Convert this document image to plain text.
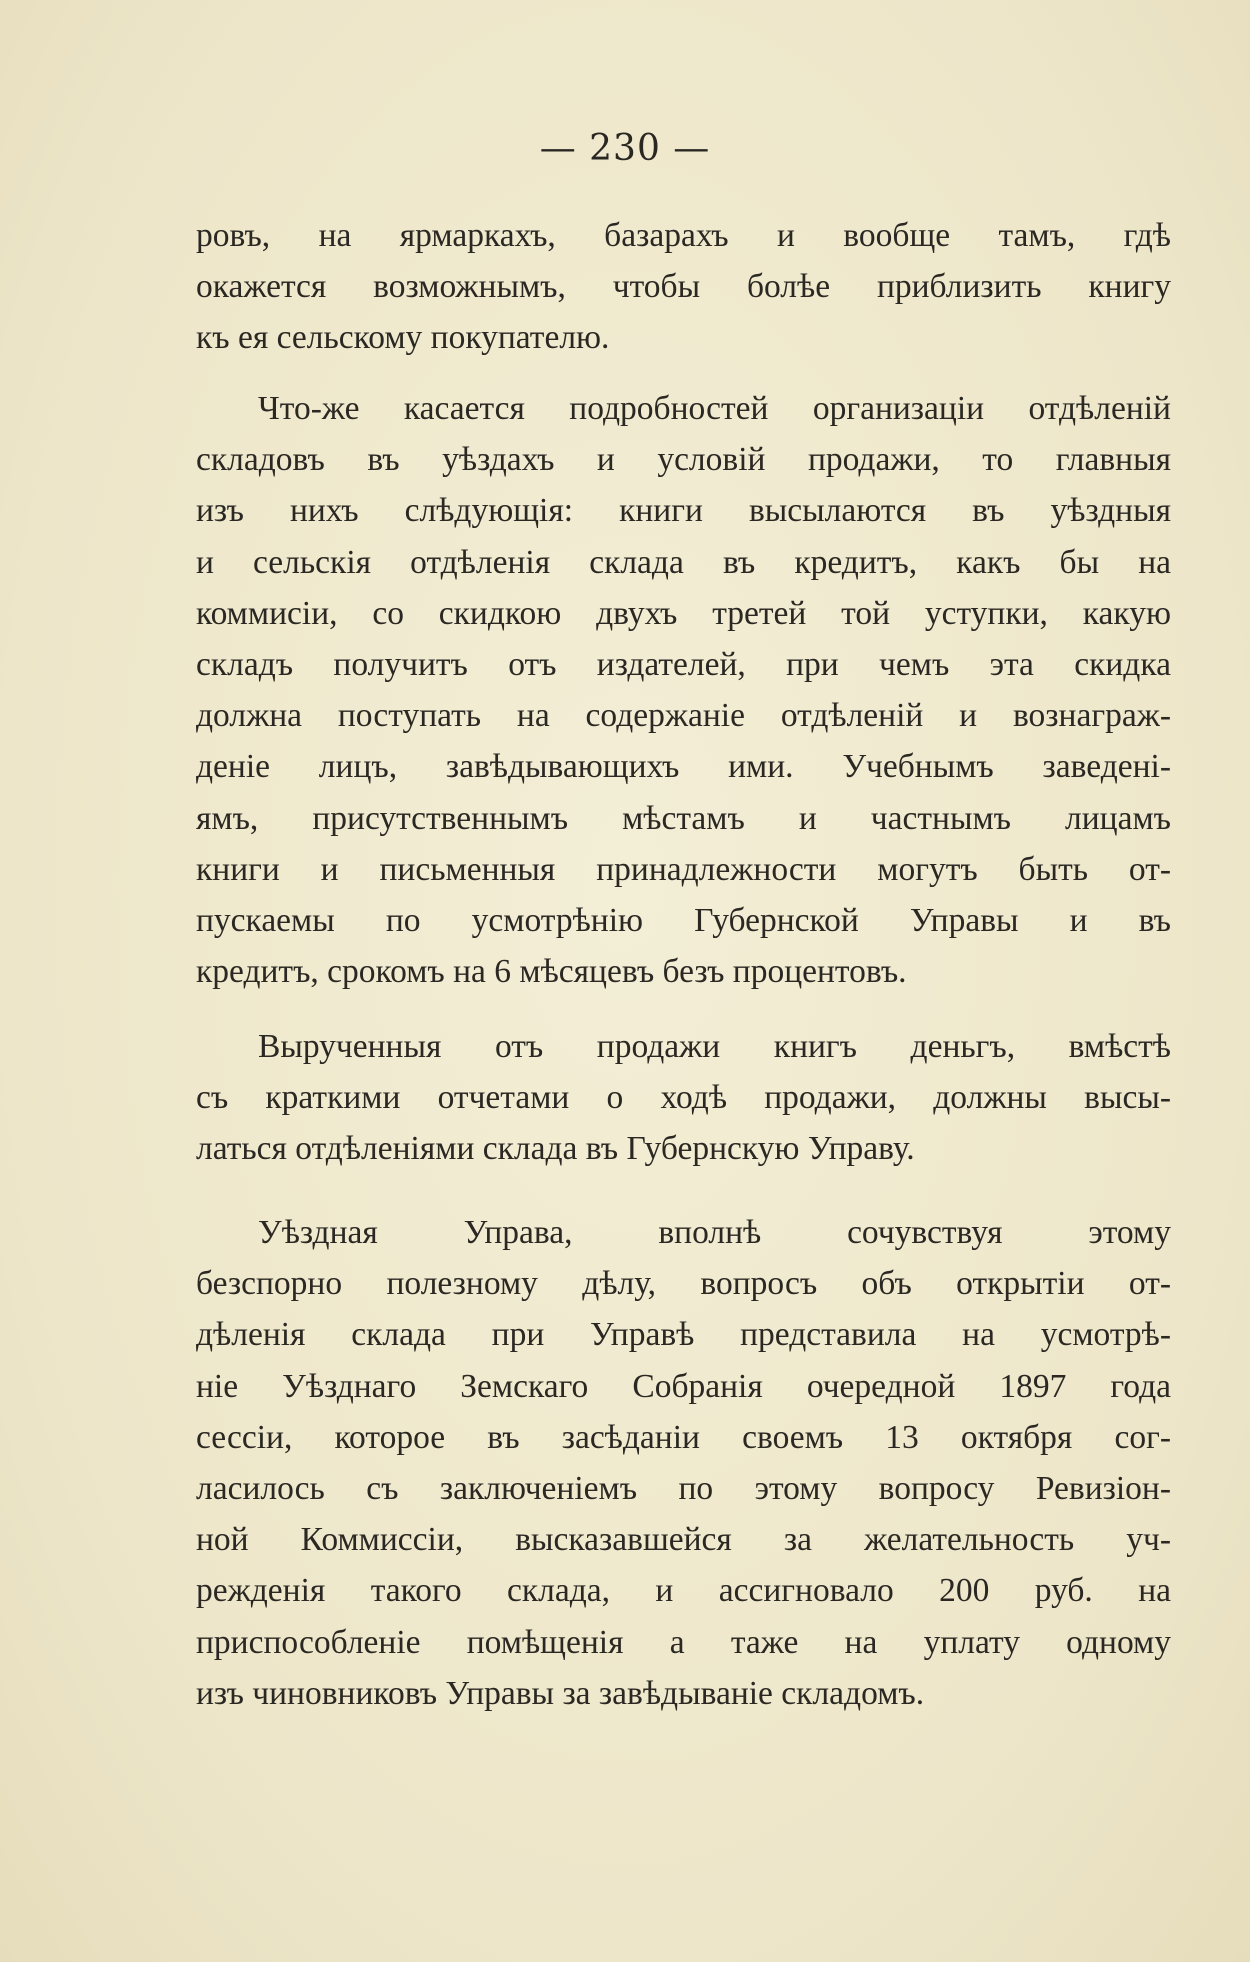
— 230 —
ровъ, на ярмаркахъ, базарахъ и вообще тамъ, гдѣ
окажется возможнымъ, чтобы болѣе приблизить книгу
къ ея сельскому покупателю.
Что-же касается подробностей организаціи отдѣленій
складовъ въ уѣздахъ и условій продажи, то главныя
изъ нихъ слѣдующія: книги высылаются въ уѣздныя
и сельскія отдѣленія склада въ кредитъ, какъ бы на
коммисіи, со скидкою двухъ третей той уступки, какую
складъ получитъ отъ издателей, при чемъ эта скидка
должна поступать на содержаніе отдѣленій и вознаграж-
деніе лицъ, завѣдывающихъ ими. Учебнымъ заведені-
ямъ, присутственнымъ мѣстамъ и частнымъ лицамъ
книги и письменныя принадлежности могутъ быть от-
пускаемы по усмотрѣнію Губернской Управы и въ
кредитъ, срокомъ на 6 мѣсяцевъ безъ процентовъ.
Вырученныя отъ продажи книгъ деньгъ, вмѣстѣ
съ краткими отчетами о ходѣ продажи, должны высы-
латься отдѣленіями склада въ Губернскую Управу.
Уѣздная Управа, вполнѣ сочувствуя этому
безспорно полезному дѣлу, вопросъ объ открытіи от-
дѣленія склада при Управѣ представила на усмотрѣ-
ніе Уѣзднаго Земскаго Собранія очередной 1897 года
сессіи, которое въ засѣданіи своемъ 13 октября сог-
ласилось съ заключеніемъ по этому вопросу Ревизіон-
ной Коммиссіи, высказавшейся за желательность уч-
режденія такого склада, и ассигновало 200 руб. на
приспособленіе помѣщенія а таже на уплату одному
изъ чиновниковъ Управы за завѣдываніе складомъ.
